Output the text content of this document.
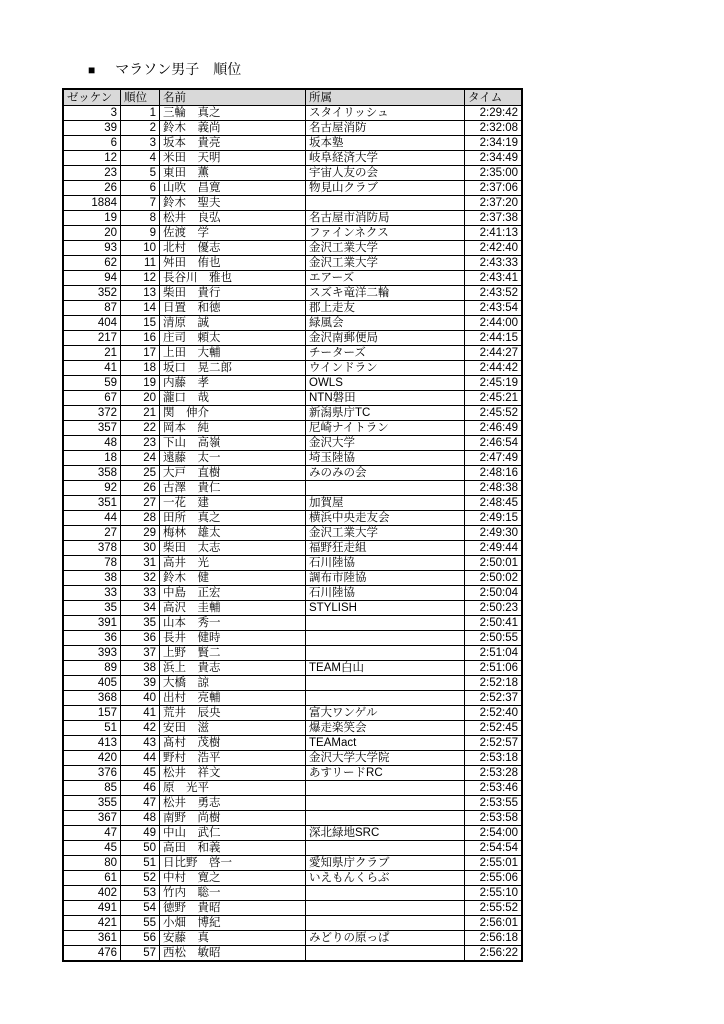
■ マラソン男子　順位
ゼッケン	順位	名前	所属	タイム
3	1	三輪　真之	スタイリッシュ	2:29:42
39	2	鈴木　義尚	名古屋消防	2:32:08
6	3	坂本　貴亮	坂本塾	2:34:19
12	4	米田　天明	岐阜経済大学	2:34:49
23	5	東田　薫	宇宙人友の会	2:35:00
26	6	山吹　昌寛	物見山クラブ	2:37:06
1884	7	鈴木　聖夫		2:37:20
19	8	松井　良弘	名古屋市消防局	2:37:38
20	9	佐渡　学	ファインネクス	2:41:13
93	10	北村　優志	金沢工業大学	2:42:40
62	11	舛田　侑也	金沢工業大学	2:43:33
94	12	長谷川　雅也	エアーズ	2:43:41
352	13	柴田　貴行	スズキ竜洋二輪	2:43:52
87	14	日置　和徳	郡上走友	2:43:54
404	15	清原　誠	緑風会	2:44:00
217	16	庄司　頼太	金沢南郵便局	2:44:15
21	17	上田　大輔	チーターズ	2:44:27
41	18	坂口　晃二郎	ウインドラン	2:44:42
59	19	内藤　孝	OWLS	2:45:19
67	20	瀧口　哉	NTN磐田	2:45:21
372	21	関　伸介	新潟県庁TC	2:45:52
357	22	岡本　純	尼崎ナイトラン	2:46:49
48	23	下山　高嶺	金沢大学	2:46:54
18	24	遠藤　太一	埼玉陸協	2:47:49
358	25	大戸　直樹	みのみの会	2:48:16
92	26	古澤　貴仁		2:48:38
351	27	一花　建	加賀屋	2:48:45
44	28	田所　真之	横浜中央走友会	2:49:15
27	29	梅林　雄太	金沢工業大学	2:49:30
378	30	柴田　太志	福野狂走組	2:49:44
78	31	高井　光	石川陸協	2:50:01
38	32	鈴木　健	調布市陸協	2:50:02
33	33	中島　正宏	石川陸協	2:50:04
35	34	高沢　圭輔	STYLISH	2:50:23
391	35	山本　秀一		2:50:41
36	36	長井　健時		2:50:55
393	37	上野　賢二		2:51:04
89	38	浜上　貴志	TEAM白山	2:51:06
405	39	大橋　諒		2:52:18
368	40	出村　亮輔		2:52:37
157	41	荒井　辰央	富大ワンゲル	2:52:40
51	42	安田　滋	爆走楽笑会	2:52:45
413	43	髙村　茂樹	TEAMact	2:52:57
420	44	野村　浩平	金沢大学大学院	2:53:18
376	45	松井　祥文	あすリードRC	2:53:28
85	46	原　光平		2:53:46
355	47	松井　勇志		2:53:55
367	48	南野　尚樹		2:53:58
47	49	中山　武仁	深北緑地SRC	2:54:00
45	50	高田　和義		2:54:54
80	51	日比野　啓一	愛知県庁クラブ	2:55:01
61	52	中村　寛之	いえもんくらぶ	2:55:06
402	53	竹内　聡一		2:55:10
491	54	徳野　貴昭		2:55:52
421	55	小畑　博紀		2:56:01
361	56	安藤　真	みどりの原っぱ	2:56:18
476	57	西松　敏昭		2:56:22
